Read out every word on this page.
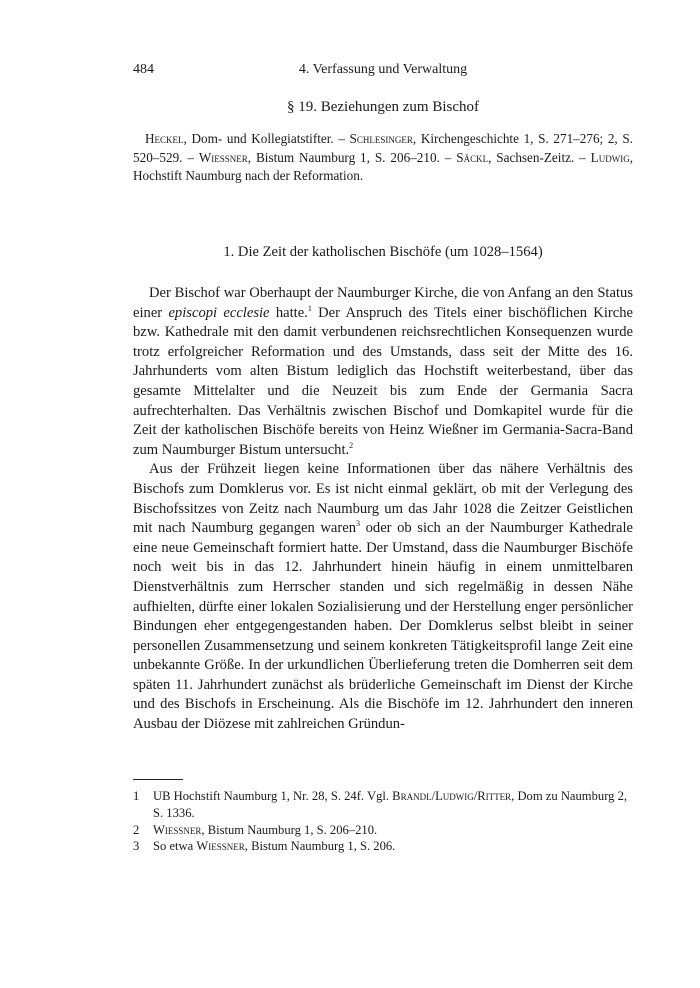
484	4. Verfassung und Verwaltung
§ 19. Beziehungen zum Bischof

Heckel, Dom- und Kollegiatstifter. – Schlesinger, Kirchengeschichte 1, S. 271–276; 2, S. 520–529. – Wiessner, Bistum Naumburg 1, S. 206–210. – Säckl, Sachsen-Zeitz. – Ludwig, Hochstift Naumburg nach der Reformation.

1. Die Zeit der katholischen Bischöfe (um 1028–1564)

Der Bischof war Oberhaupt der Naumburger Kirche, die von Anfang an den Status einer episcopi ecclesie hatte.$^1$ Der Anspruch des Titels einer bischöflichen Kirche bzw. Kathedrale mit den damit verbundenen reichsrechtlichen Konsequenzen wurde trotz erfolgreicher Reformation und des Umstands, dass seit der Mitte des 16. Jahrhunderts vom alten Bistum lediglich das Hochstift weiterbestand, über das gesamte Mittelalter und die Neuzeit bis zum Ende der Germania Sacra aufrechterhalten. Das Verhältnis zwischen Bischof und Domkapitel wurde für die Zeit der katholischen Bischöfe bereits von Heinz Wießner im Germania-Sacra-Band zum Naumburger Bistum untersucht.$^2$

Aus der Frühzeit liegen keine Informationen über das nähere Verhältnis des Bischofs zum Domklerus vor. Es ist nicht einmal geklärt, ob mit der Verlegung des Bischofssitzes von Zeitz nach Naumburg um das Jahr 1028 die Zeitzer Geistlichen mit nach Naumburg gegangen waren$^3$ oder ob sich an der Naumburger Kathedrale eine neue Gemeinschaft formiert hatte. Der Umstand, dass die Naumburger Bischöfe noch weit bis in das 12. Jahrhundert hinein häufig in einem unmittelbaren Dienstverhältnis zum Herrscher standen und sich regelmäßig in dessen Nähe aufhielten, dürfte einer lokalen Sozialisierung und der Herstellung enger persönlicher Bindungen eher entgegengestanden haben. Der Domklerus selbst bleibt in seiner personellen Zusammensetzung und seinem konkreten Tätigkeitsprofil lange Zeit eine unbekannte Größe. In der urkundlichen Überlieferung treten die Domherren seit dem späten 11. Jahrhundert zunächst als brüderliche Gemeinschaft im Dienst der Kirche und des Bischofs in Erscheinung. Als die Bischöfe im 12. Jahrhundert den inneren Ausbau der Diözese mit zahlreichen Gründun-

1 UB Hochstift Naumburg 1, Nr. 28, S. 24f. Vgl. Brandl/Ludwig/Ritter, Dom zu Naumburg 2, S. 1336.

2 Wiessner, Bistum Naumburg 1, S. 206–210.

3 So etwa Wiessner, Bistum Naumburg 1, S. 206.
